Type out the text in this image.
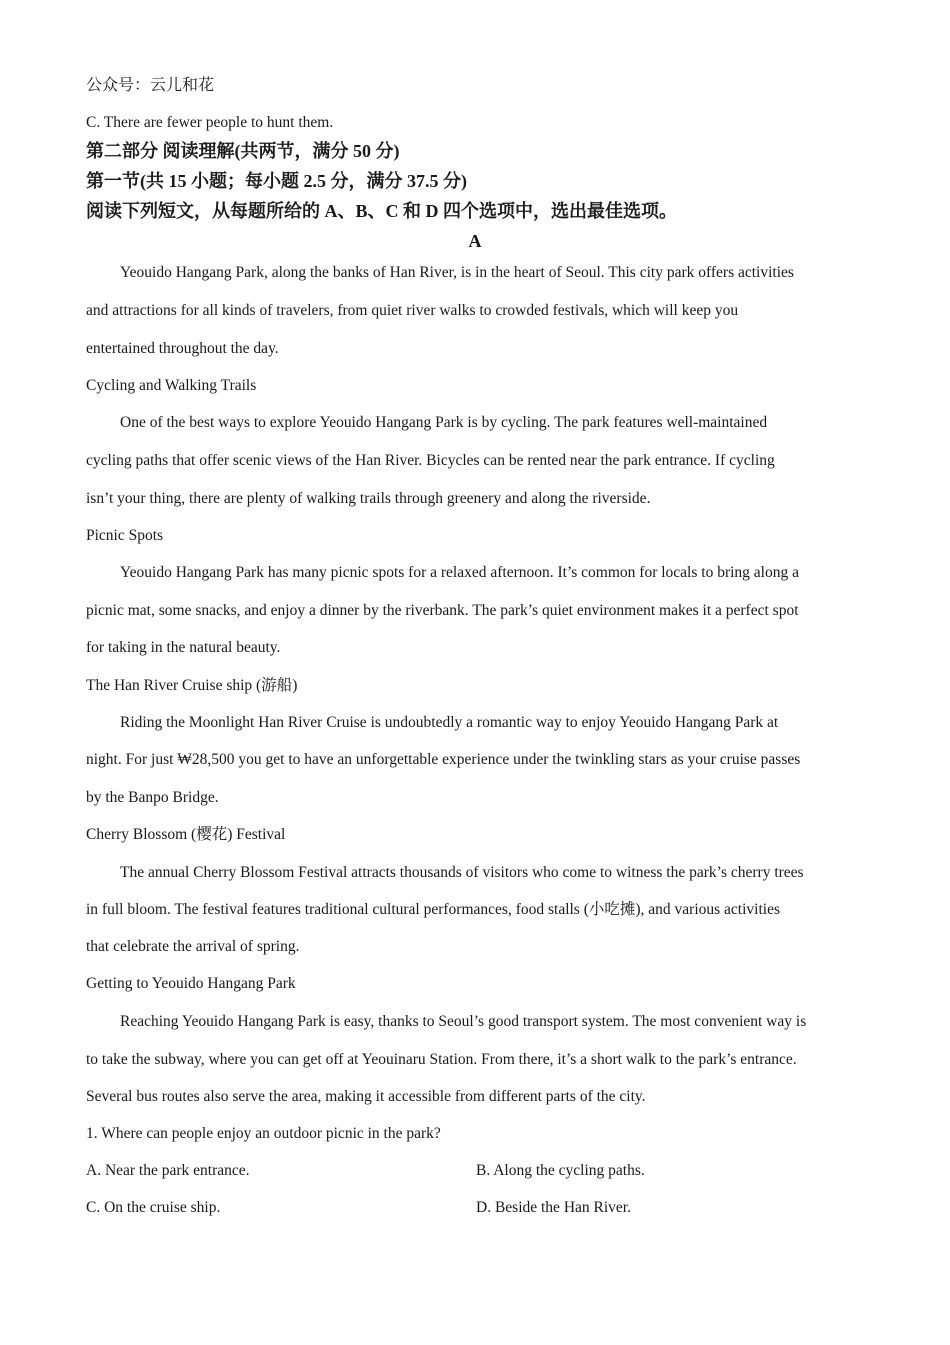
公众号：云儿和花
C. There are fewer people to hunt them.
第二部分 阅读理解(共两节，满分 50 分)
第一节(共 15 小题；每小题 2.5 分，满分 37.5 分)
阅读下列短文，从每题所给的 A、B、C 和 D 四个选项中，选出最佳选项。
A
Yeouido Hangang Park, along the banks of Han River, is in the heart of Seoul. This city park offers activities
and attractions for all kinds of travelers, from quiet river walks to crowded festivals, which will keep you
entertained throughout the day.
Cycling and Walking Trails
One of the best ways to explore Yeouido Hangang Park is by cycling. The park features well-maintained
cycling paths that offer scenic views of the Han River. Bicycles can be rented near the park entrance. If cycling
isn’t your thing, there are plenty of walking trails through greenery and along the riverside.
Picnic Spots
Yeouido Hangang Park has many picnic spots for a relaxed afternoon. It’s common for locals to bring along a
picnic mat, some snacks, and enjoy a dinner by the riverbank. The park’s quiet environment makes it a perfect spot
for taking in the natural beauty.
The Han River Cruise ship (游船)
Riding the Moonlight Han River Cruise is undoubtedly a romantic way to enjoy Yeouido Hangang Park at
night. For just ₩28,500 you get to have an unforgettable experience under the twinkling stars as your cruise passes
by the Banpo Bridge.
Cherry Blossom (樱花) Festival
The annual Cherry Blossom Festival attracts thousands of visitors who come to witness the park’s cherry trees
in full bloom. The festival features traditional cultural performances, food stalls (小吃摊), and various activities
that celebrate the arrival of spring.
Getting to Yeouido Hangang Park
Reaching Yeouido Hangang Park is easy, thanks to Seoul’s good transport system. The most convenient way is
to take the subway, where you can get off at Yeouinaru Station. From there, it’s a short walk to the park’s entrance.
Several bus routes also serve the area, making it accessible from different parts of the city.
1. Where can people enjoy an outdoor picnic in the park?
A. Near the park entrance.	B. Along the cycling paths.
C. On the cruise ship.	D. Beside the Han River.
